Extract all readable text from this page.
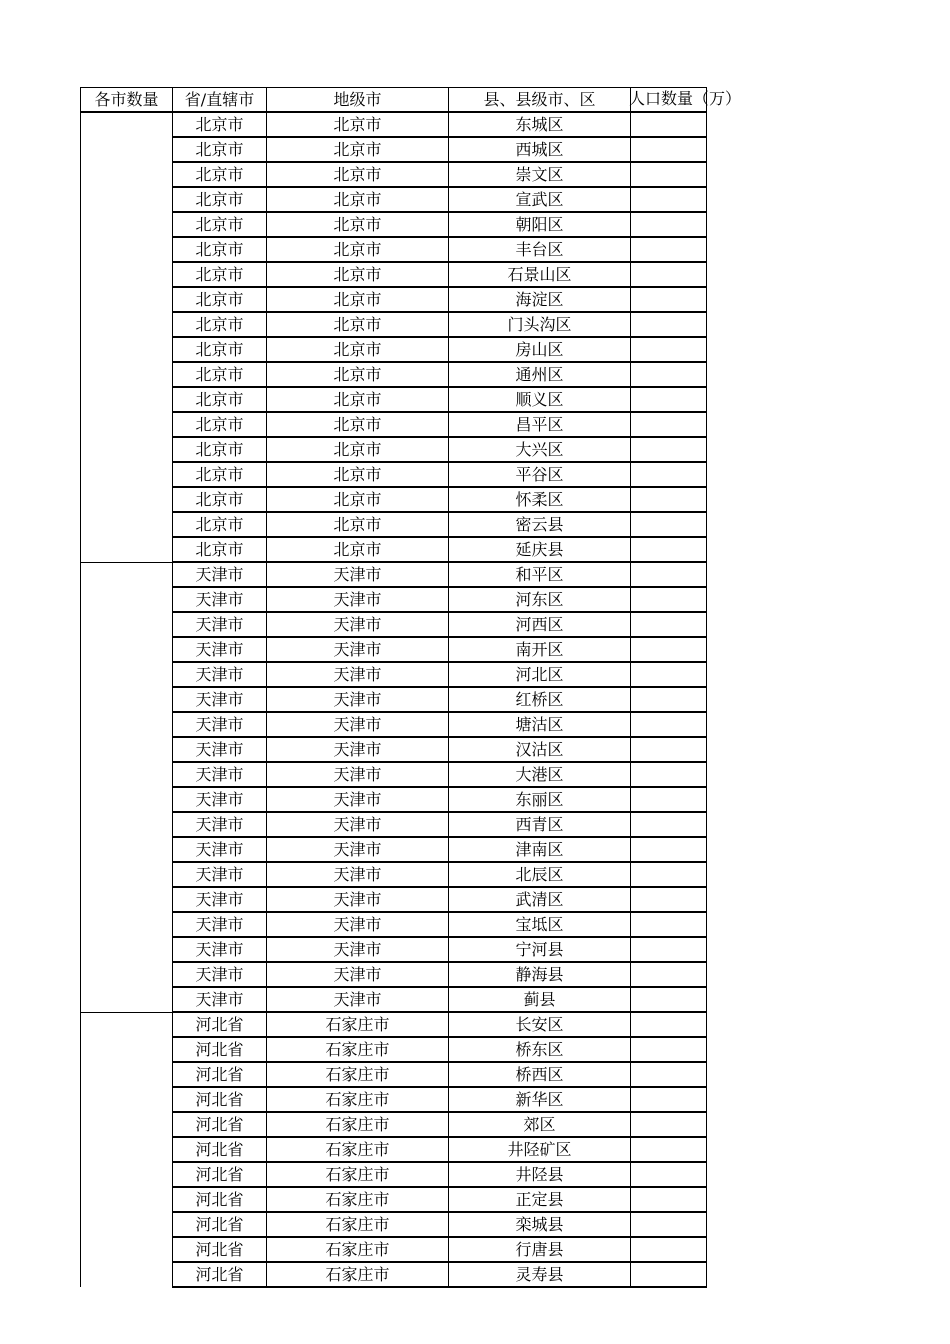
各市数量	省/直辖市	地级市	县、县级市、区	人口数量（万）

	北京市	北京市	东城区	
	北京市	北京市	西城区	
	北京市	北京市	崇文区	
	北京市	北京市	宣武区	
	北京市	北京市	朝阳区	
	北京市	北京市	丰台区	
	北京市	北京市	石景山区	
	北京市	北京市	海淀区	
	北京市	北京市	门头沟区	
	北京市	北京市	房山区	
	北京市	北京市	通州区	
	北京市	北京市	顺义区	
	北京市	北京市	昌平区	
	北京市	北京市	大兴区	
	北京市	北京市	平谷区	
	北京市	北京市	怀柔区	
	北京市	北京市	密云县	
	北京市	北京市	延庆县	
	天津市	天津市	和平区	
	天津市	天津市	河东区	
	天津市	天津市	河西区	
	天津市	天津市	南开区	
	天津市	天津市	河北区	
	天津市	天津市	红桥区	
	天津市	天津市	塘沽区	
	天津市	天津市	汉沽区	
	天津市	天津市	大港区	
	天津市	天津市	东丽区	
	天津市	天津市	西青区	
	天津市	天津市	津南区	
	天津市	天津市	北辰区	
	天津市	天津市	武清区	
	天津市	天津市	宝坻区	
	天津市	天津市	宁河县	
	天津市	天津市	静海县	
	天津市	天津市	蓟县	
	河北省	石家庄市	长安区	
	河北省	石家庄市	桥东区	
	河北省	石家庄市	桥西区	
	河北省	石家庄市	新华区	
	河北省	石家庄市	郊区	
	河北省	石家庄市	井陉矿区	
	河北省	石家庄市	井陉县	
	河北省	石家庄市	正定县	
	河北省	石家庄市	栾城县	
	河北省	石家庄市	行唐县	
	河北省	石家庄市	灵寿县	
